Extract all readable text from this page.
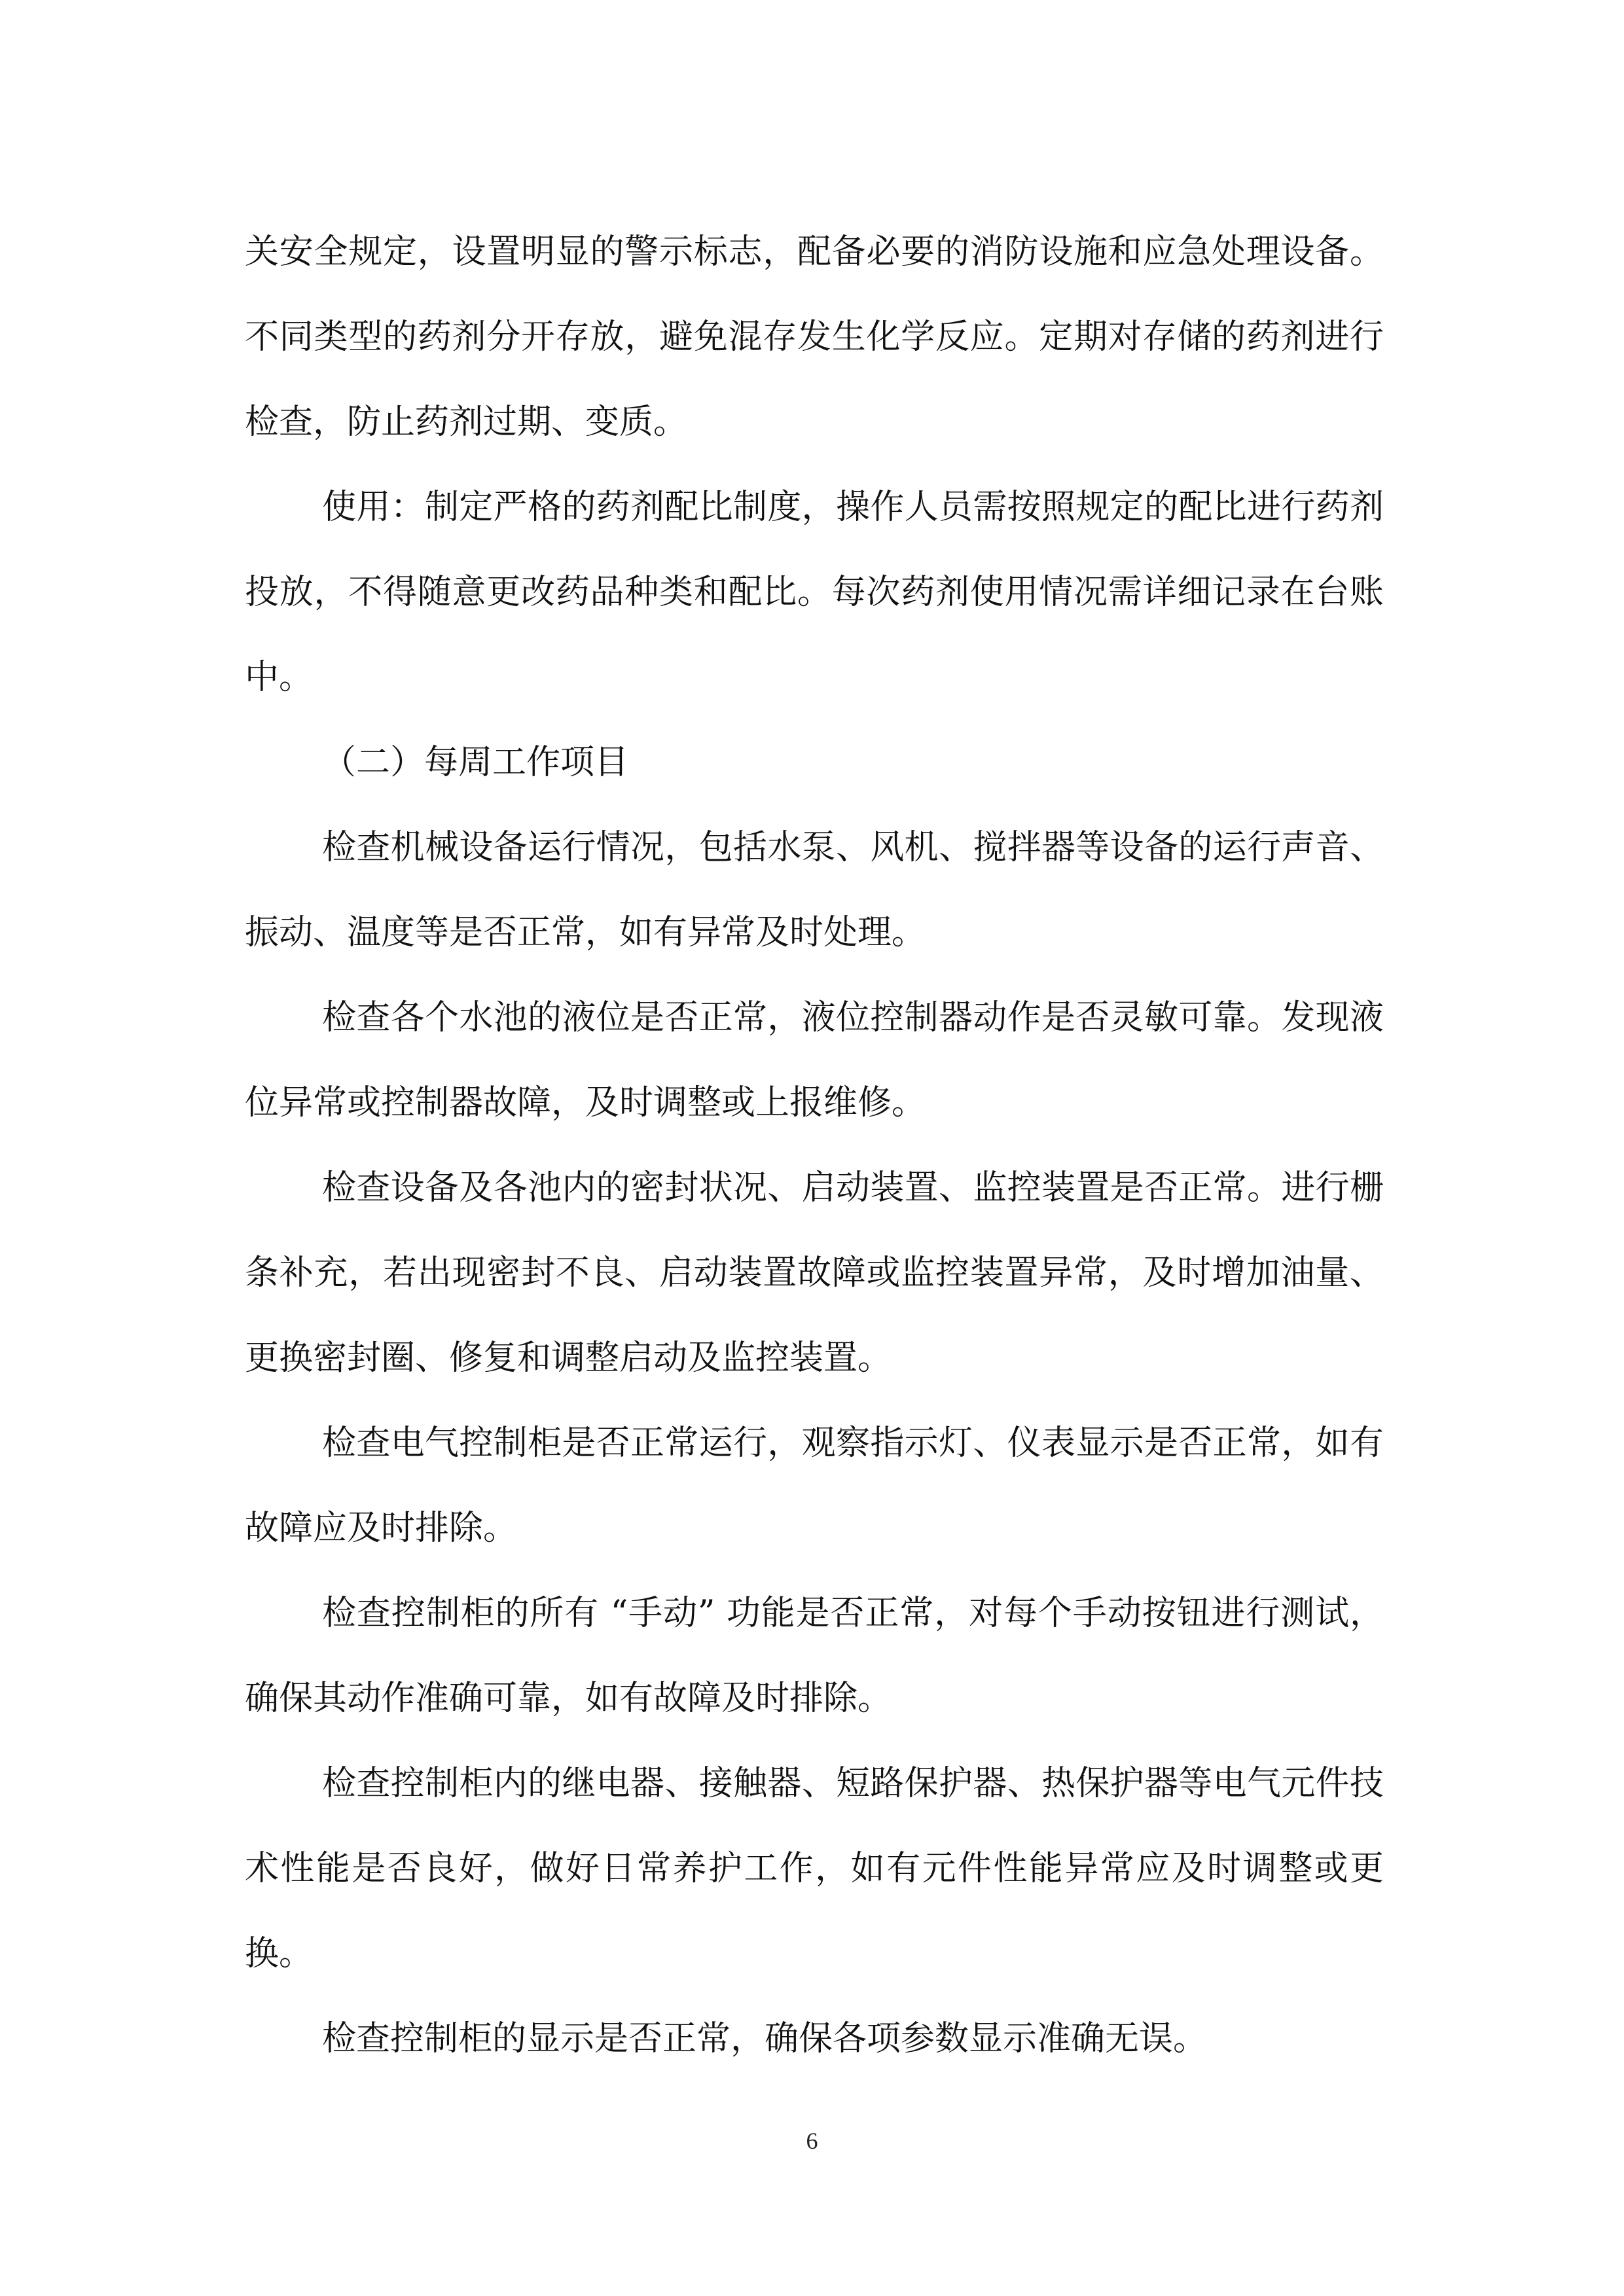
关安全规定，设置明显的警示标志，配备必要的消防设施和应急处理设备。不同类型的药剂分开存放，避免混存发生化学反应。定期对存储的药剂进行检查，防止药剂过期、变质。

使用：制定严格的药剂配比制度，操作人员需按照规定的配比进行药剂投放，不得随意更改药品种类和配比。每次药剂使用情况需详细记录在台账中。

（二）每周工作项目

检查机械设备运行情况，包括水泵、风机、搅拌器等设备的运行声音、振动、温度等是否正常，如有异常及时处理。

检查各个水池的液位是否正常，液位控制器动作是否灵敏可靠。发现液位异常或控制器故障，及时调整或上报维修。

检查设备及各池内的密封状况、启动装置、监控装置是否正常。进行栅条补充，若出现密封不良、启动装置故障或监控装置异常，及时增加油量、更换密封圈、修复和调整启动及监控装置。

检查电气控制柜是否正常运行，观察指示灯、仪表显示是否正常，如有故障应及时排除。

检查控制柜的所有 “手动” 功能是否正常，对每个手动按钮进行测试，确保其动作准确可靠，如有故障及时排除。

检查控制柜内的继电器、接触器、短路保护器、热保护器等电气元件技术性能是否良好，做好日常养护工作，如有元件性能异常应及时调整或更换。

检查控制柜的显示是否正常，确保各项参数显示准确无误。

6
